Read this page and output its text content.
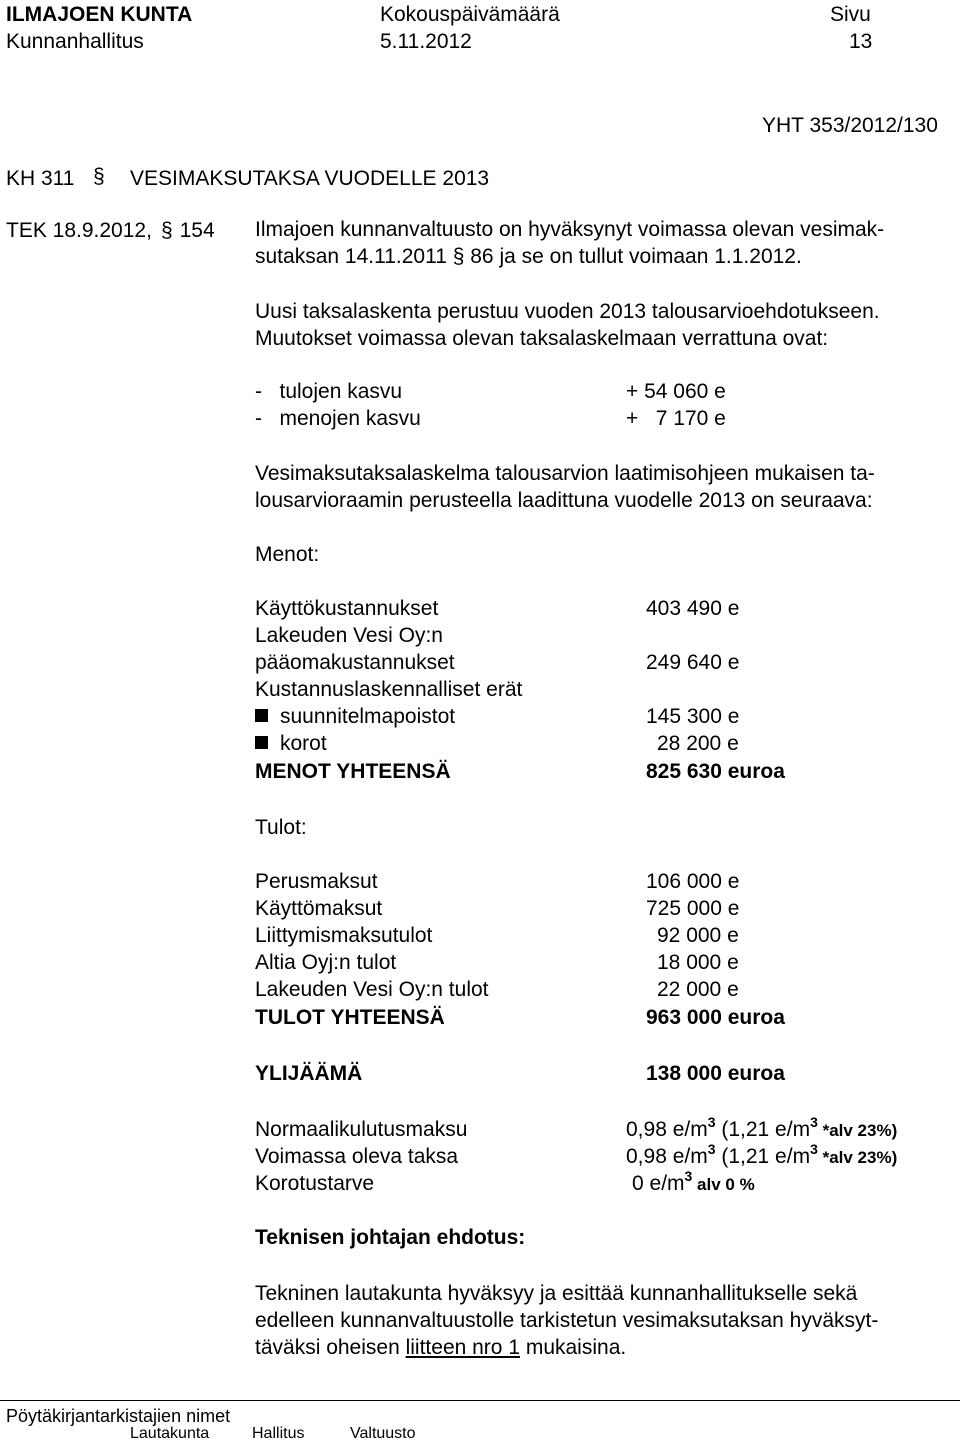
ILMAJOEN KUNTA
Kunnanhallitus
Kokouspäivämäärä
5.11.2012
Sivu
13
YHT 353/2012/130
KH 311 § VESIMAKSUTAKSA VUODELLE 2013
TEK 18.9.2012, § 154 Ilmajoen kunnanvaltuusto on hyväksynyt voimassa olevan vesimak-
sutaksan 14.11.2011 § 86 ja se on tullut voimaan 1.1.2012.
Uusi taksalaskenta perustuu vuoden 2013 talousarvioehdotukseen.
Muutokset voimassa olevan taksalaskelmaan verrattuna ovat:
-   tulojen kasvu	+ 54 060 e
-   menojen kasvu	+   7 170 e
Vesimaksutaksalaskelma talousarvion laatimisohjeen mukaisen ta-
lousarvioraamin perusteella laadittuna vuodelle 2013 on seuraava:
Menot:
Käyttökustannukset	403 490 e
Lakeuden Vesi Oy:n
pääomakustannukset	249 640 e
Kustannuslaskennalliset erät
suunnitelmapoistot	145 300 e
korot	28 200 e
MENOT YHTEENSÄ	825 630 euroa
Tulot:
Perusmaksut	106 000 e
Käyttömaksut	725 000 e
Liittymismaksutulot	92 000 e
Altia Oyj:n tulot	18 000 e
Lakeuden Vesi Oy:n tulot	22 000 e
TULOT YHTEENSÄ	963 000 euroa
YLIJÄÄMÄ	138 000 euroa
Normaalikulutusmaksu	0,98 $e/m^3$ (1,21 $e/m^3$ *alv 23%)
Voimassa oleva taksa	0,98 $e/m^3$ (1,21 $e/m^3$ *alv 23%)
Korotustarve	0 $e/m^3$ alv 0 %
Teknisen johtajan ehdotus:
Tekninen lautakunta hyväksyy ja esittää kunnanhallitukselle sekä
edelleen kunnanvaltuustolle tarkistetun vesimaksutaksan hyväksyt-
täväksi oheisen liitteen nro 1 mukaisina.
Pöytäkirjantarkistajien nimet
Lautakunta	Hallitus	Valtuusto
